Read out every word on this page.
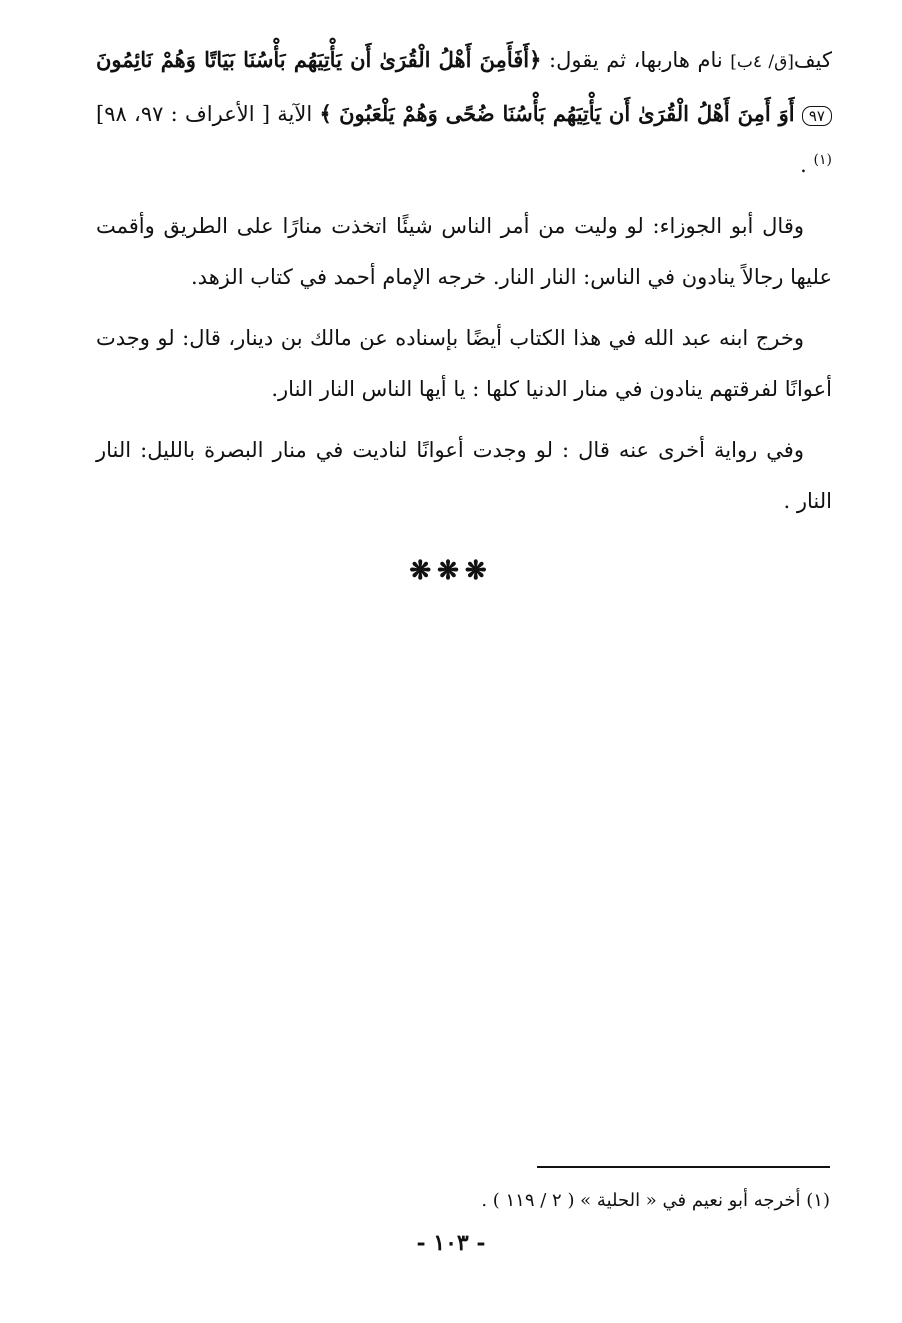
كيف[ق/ ٤ب] نام هاربها، ثم يقول: ﴿أَفَأَمِنَ أَهْلُ الْقُرَىٰ أَن يَأْتِيَهُم بَأْسُنَا بَيَاتًا وَهُمْ نَائِمُونَ ٩٧ أَوَ أَمِنَ أَهْلُ الْقُرَىٰ أَن يَأْتِيَهُم بَأْسُنَا ضُحًى وَهُمْ يَلْعَبُونَ ﴾ الآية [ الأعراف : ٩٧، ٩٨] $^{(١)}$ .

وقال أبو الجوزاء: لو وليت من أمر الناس شيئًا اتخذت منارًا على الطريق وأقمت عليها رجالاً ينادون في الناس: النار النار. خرجه الإمام أحمد في كتاب الزهد.

وخرج ابنه عبد الله في هذا الكتاب أيضًا بإسناده عن مالك بن دينار، قال: لو وجدت أعوانًا لفرقتهم ينادون في منار الدنيا كلها : يا أيها الناس النار النار.

وفي رواية أخرى عنه قال : لو وجدت أعوانًا لناديت في منار البصرة بالليل: النار النار .

❋❋❋
(١) أخرجه أبو نعيم في « الحلية » ( ٢ / ١١٩ ) .
- ١٠٣ -
